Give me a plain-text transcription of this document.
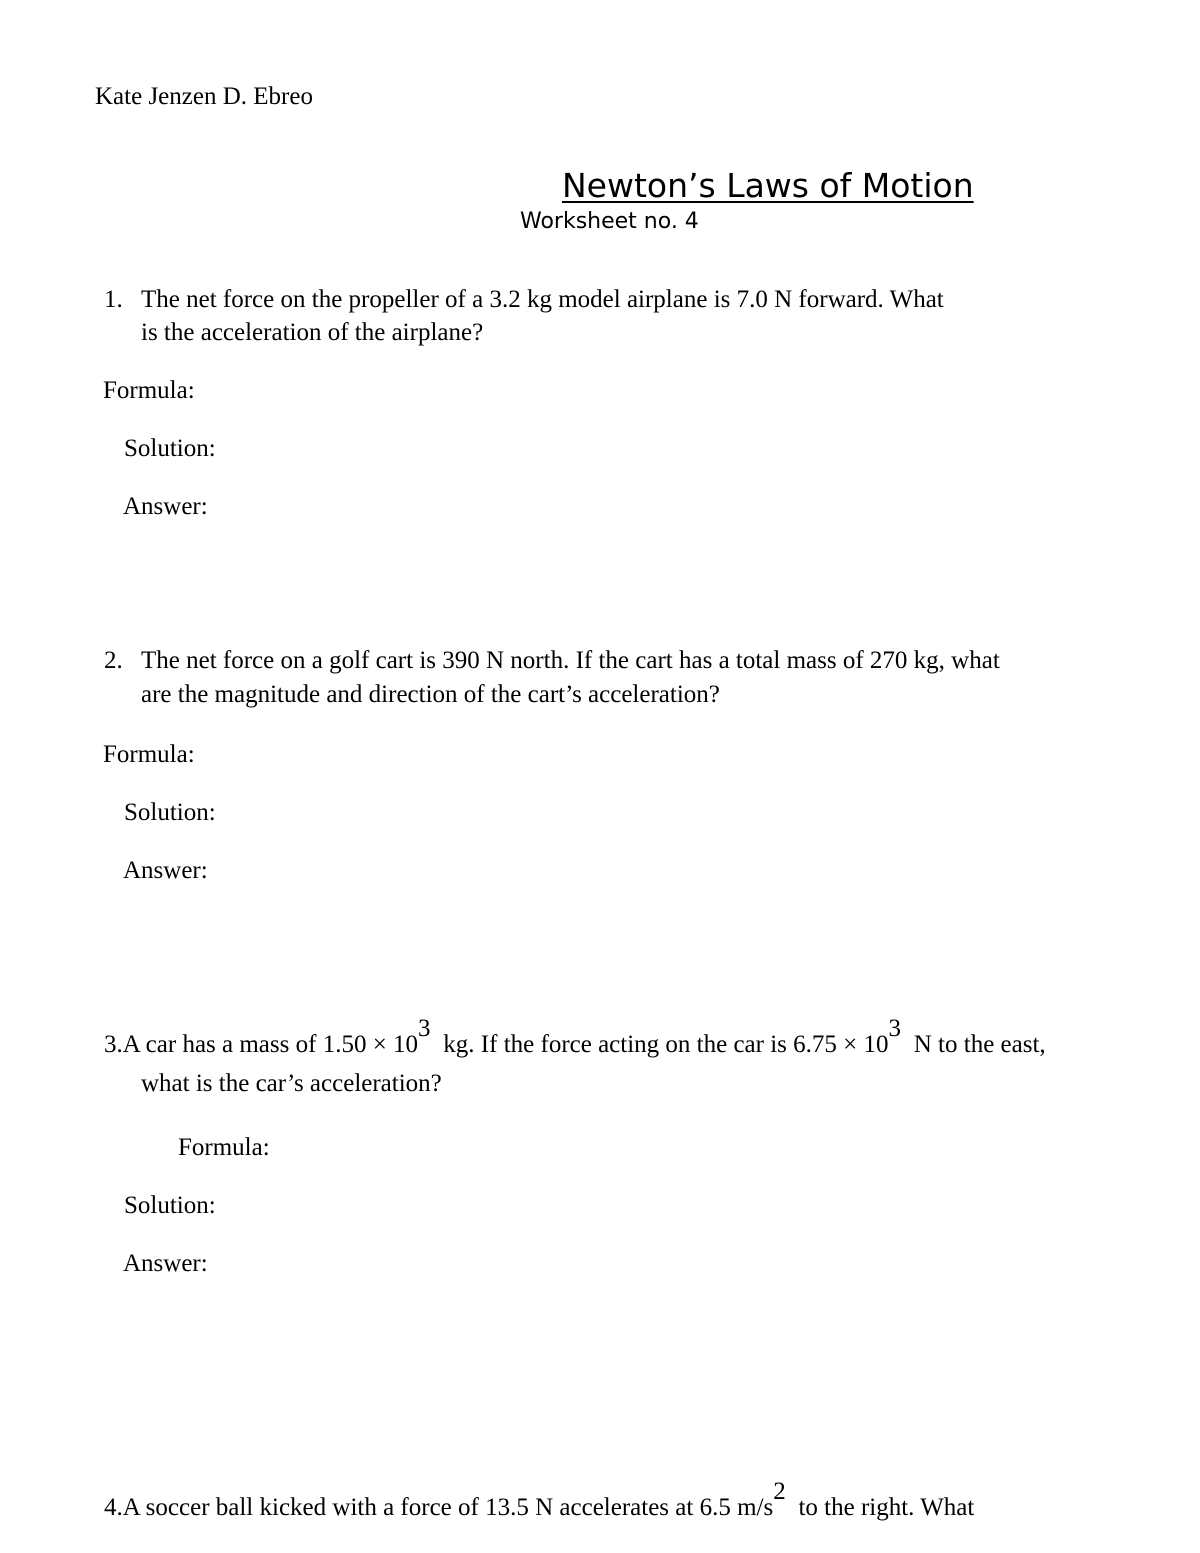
Kate Jenzen D. Ebreo
Newton’s Laws of Motion
Worksheet no. 4
1. The net force on the propeller of a 3.2 kg model airplane is 7.0 N forward. What
is the acceleration of the airplane?
Formula:
Solution:
Answer:
2. The net force on a golf cart is 390 N north. If the cart has a total mass of 270 kg, what
are the magnitude and direction of the cart’s acceleration?
Formula:
Solution:
Answer:
3.A car has a mass of 1.50 × 10
3
kg. If the force acting on the car is 6.75 × 10
3
N to the east,
what is the car’s acceleration?
Formula:
Solution:
Answer:
4.A soccer ball kicked with a force of 13.5 N accelerates at 6.5 m/s
2
to the right. What
